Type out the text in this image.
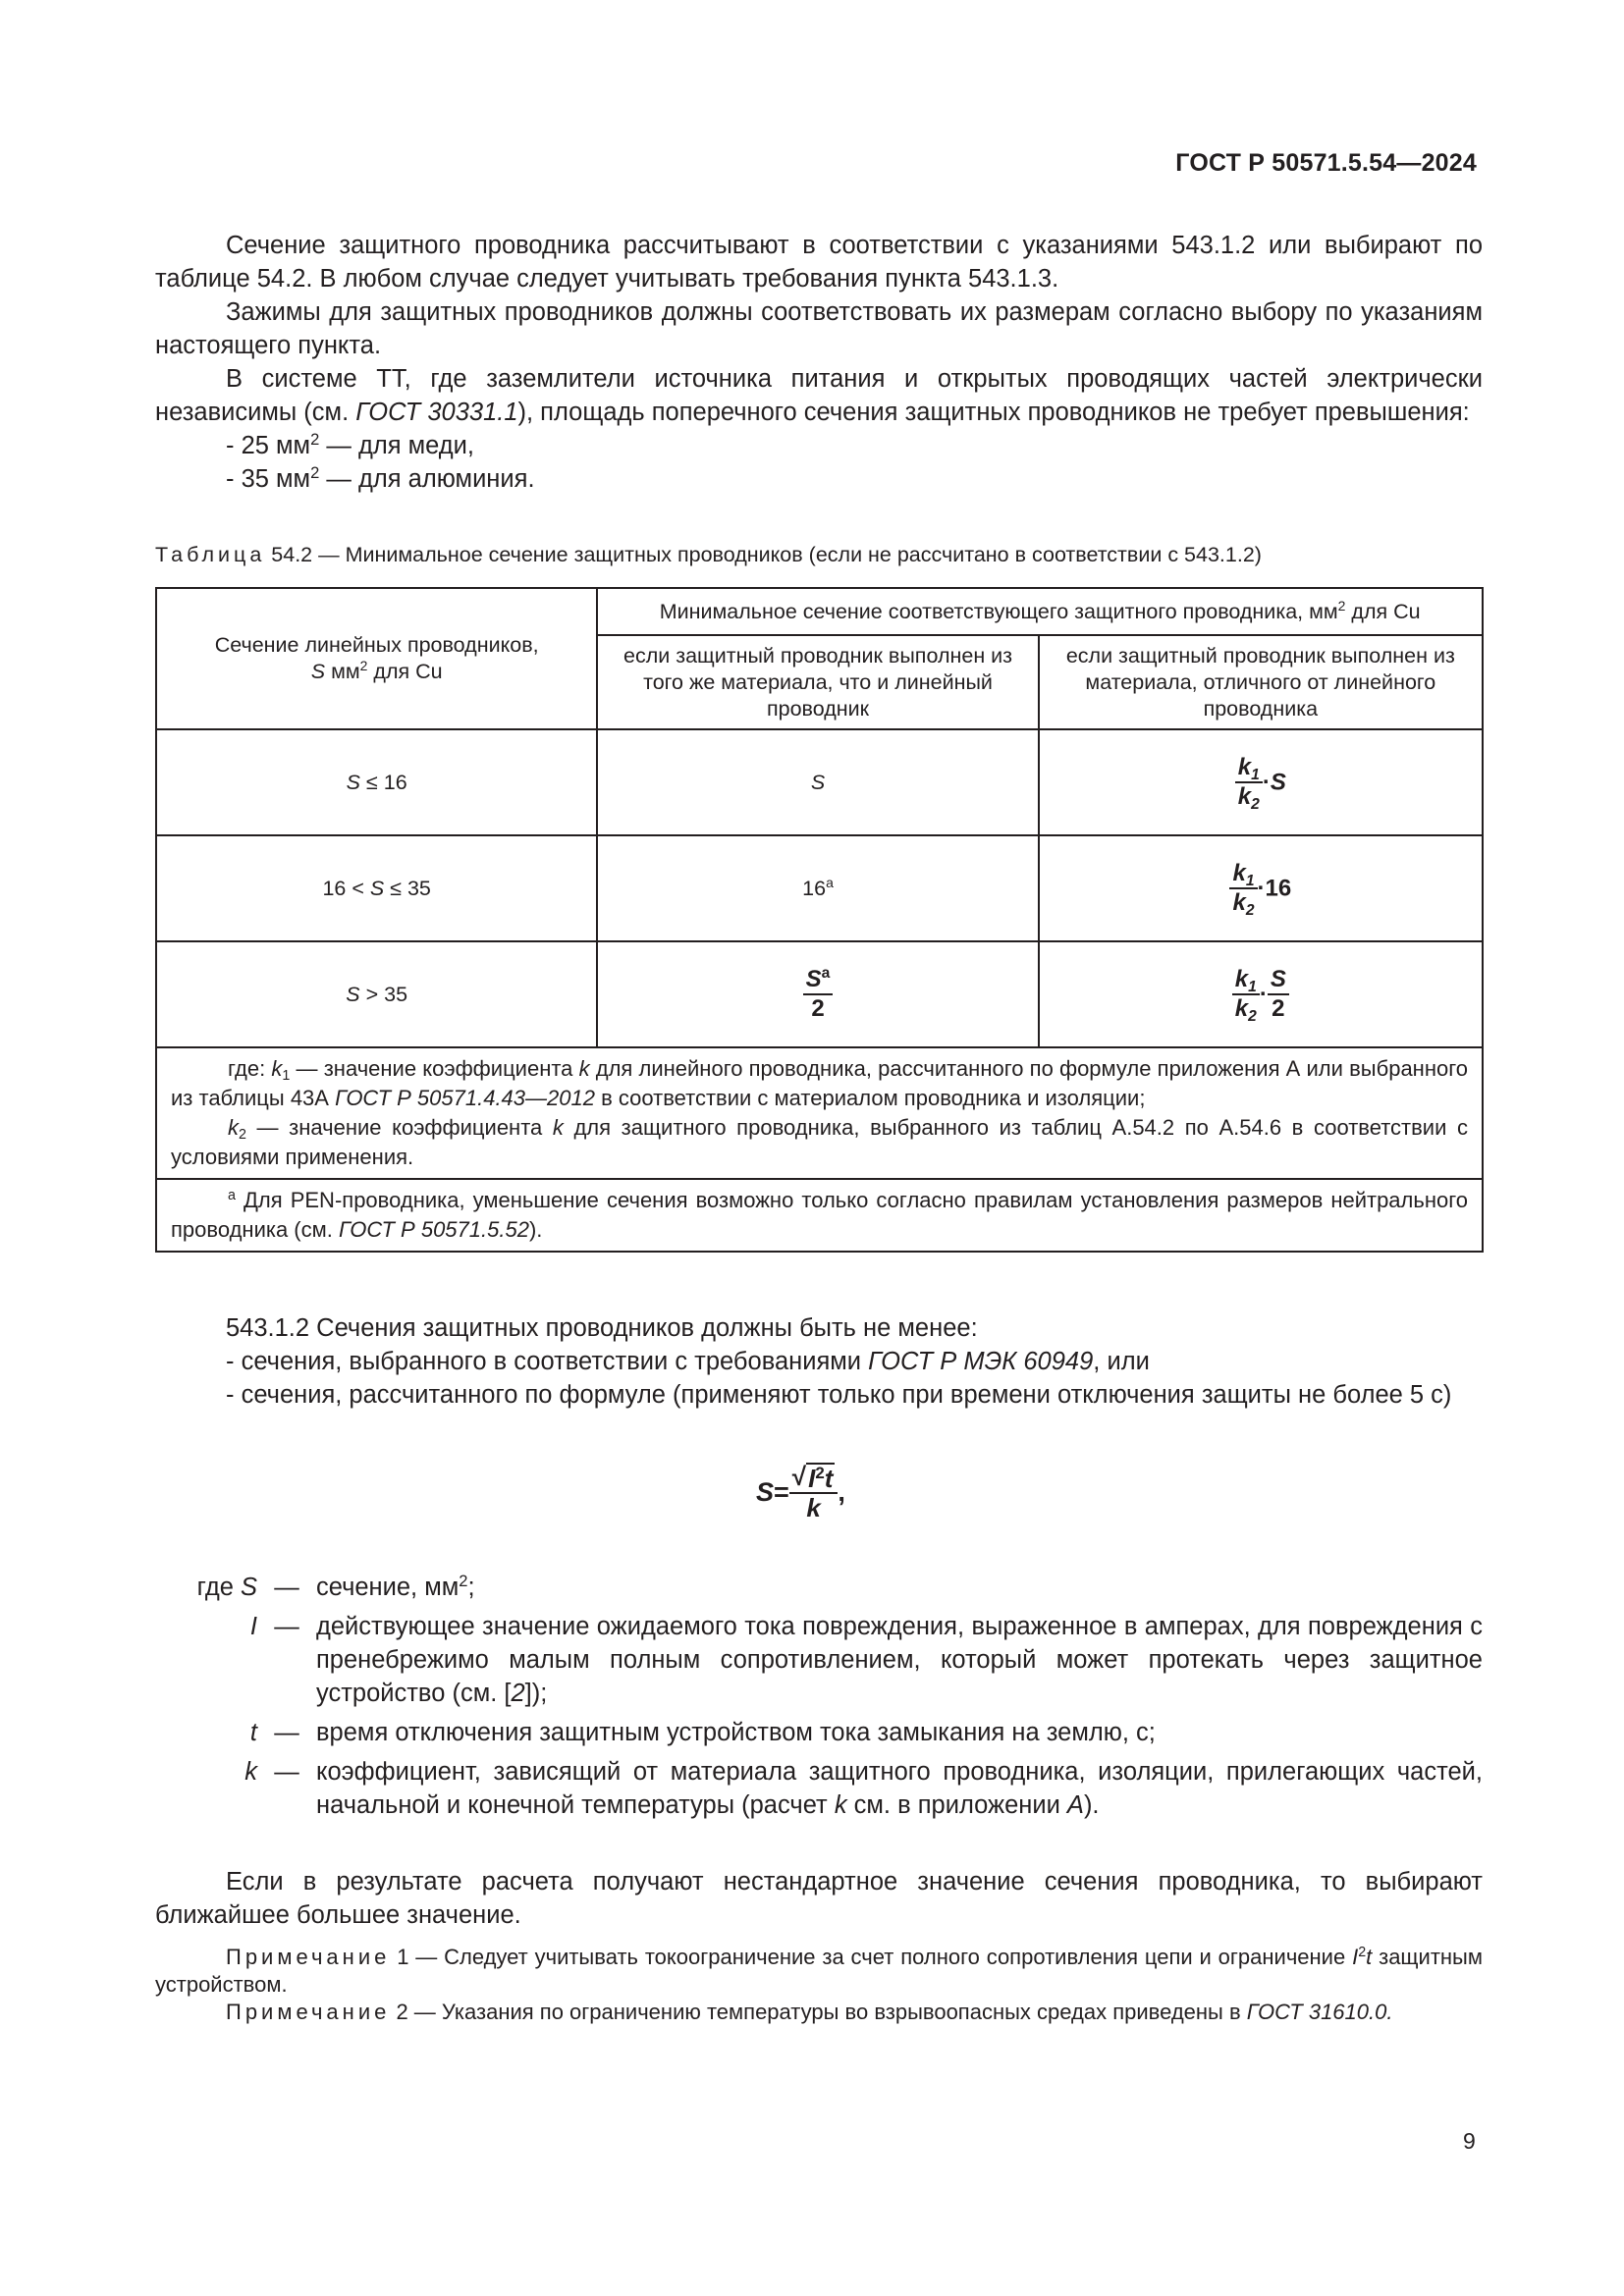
ГОСТ Р 50571.5.54—2024

Сечение защитного проводника рассчитывают в соответствии с указаниями 543.1.2 или выбирают по таблице 54.2. В любом случае следует учитывать требования пункта 543.1.3.

Зажимы для защитных проводников должны соответствовать их размерам согласно выбору по указаниям настоящего пункта.

В системе ТТ, где заземлители источника питания и открытых проводящих частей электрически независимы (см. ГОСТ 30331.1), площадь поперечного сечения защитных проводников не требует превышения:

- 25 $мм^2$ — для меди,

- 35 $мм^2$ — для алюминия.

Таблица 54.2 — Минимальное сечение защитных проводников (если не рассчитано в соответствии с 543.1.2)
Сечение линейных проводников,
S $мм^2$ для Cu	Минимальное сечение соответствующего защитного проводника, $мм^2$ для Cu	
	если защитный проводник выполнен из того же материала, что и линейный проводник	если защитный проводник выполнен из материала, отличного от линейного проводника
S ≤ 16	S	$\frac{k_1}{k_2} \cdot S$
16 < S ≤ 35	16$^a$	$\frac{k_1}{k_2} \cdot 16$
S > 35	$\frac{S^a}{2}$	$\frac{k_1}{k_2} \cdot \frac{S}{2}$

где: $k_1$ — значение коэффициента k для линейного проводника, рассчитанного по формуле приложения А или выбранного из таблицы 43А ГОСТ Р 50571.4.43—2012 в соответствии с материалом проводника и изоляции;

$k_2$ — значение коэффициента k для защитного проводника, выбранного из таблиц А.54.2 по А.54.6 в соответствии с условиями применения.		

$^a$ Для PEN-проводника, уменьшение сечения возможно только согласно правилам установления размеров нейтрального проводника (см. ГОСТ Р 50571.5.52).		

543.1.2 Сечения защитных проводников должны быть не менее:

- сечения, выбранного в соответствии с требованиями ГОСТ Р МЭК 60949, или

- сечения, рассчитанного по формуле (применяют только при времени отключения защиты не более 5 с)

$S = \frac{√ I^2t}{k}$ ,
где S — сечение, $мм^2$;
I — действующее значение ожидаемого тока повреждения, выраженное в амперах, для повреждения с пренебрежимо малым полным сопротивлением, который может протекать через защитное устройство (см. [2]);
t — время отключения защитным устройством тока замыкания на землю, с;
k — коэффициент, зависящий от материала защитного проводника, изоляции, прилегающих частей, начальной и конечной температуры (расчет k см. в приложении А).

Если в результате расчета получают нестандартное значение сечения проводника, то выбирают ближайшее большее значение.

Примечание 1 — Следует учитывать токоограничение за счет полного сопротивления цепи и ограничение $I^2t$ защитным устройством.

Примечание 2 — Указания по ограничению температуры во взрывоопасных средах приведены в ГОСТ 31610.0.

9
